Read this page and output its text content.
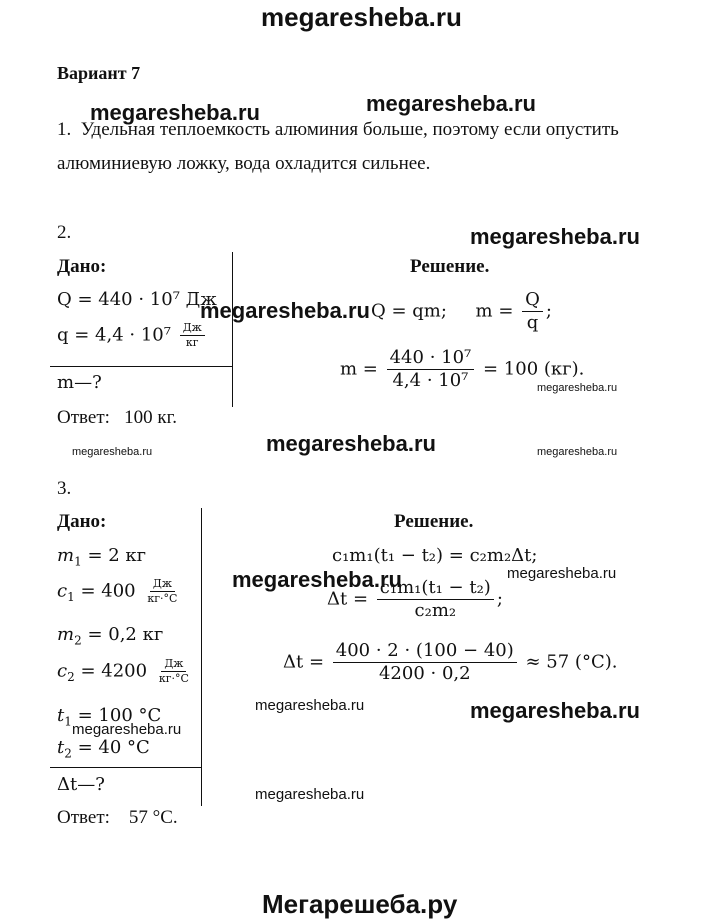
megaresheba.ru
Вариант 7
megaresheba.ru	megaresheba.ru
1. Удельная теплоемкость алюминия больше, поэтому если опустить
алюминиевую ложку, вода охладится сильнее.
2.	megaresheba.ru
Дано:	Решение.
Q = 440 · 10⁷ Дж
$q = 4,4 \cdot 10^7 \frac{Дж}{кг}$
m—?
megaresheba.ru Q = qm; $m = \frac{Q}{q}$ ;
$m = \frac{\text{440 · 10⁷}}{\text{4,4 · 10⁷}} = 100$ (кг).
megaresheba.ru
Ответ: 100 кг.
megaresheba.ru
megaresheba.ru	megaresheba.ru
3.
Дано:	Решение.
$m_1 = 2$ кг
$c_1 = 400 \frac{Дж}{кг\cdot^\circ С}$
$m_2 = 0,2$ кг
$c_2 = 4200 \frac{Дж}{кг\cdot^\circ С}$
$t_1 = 100$ °С
megaresheba.ru
$t_2 = 40$ °С
Δt—?
c₁m₁(t₁ − t₂) = c₂m₂Δt;
megaresheba.ru	megaresheba.ru
$\Delta t = \frac{\text{c₁m₁(t₁ − t₂)}}{\text{c₂m₂}}$ ;
$\Delta t = \frac{400 \cdot 2 \cdot (100 - 40)}{4200 \cdot 0,2} \approx 57$ (°С).
megaresheba.ru	megaresheba.ru
megaresheba.ru
Ответ: 57 °С.
Мегарешеба.ру
